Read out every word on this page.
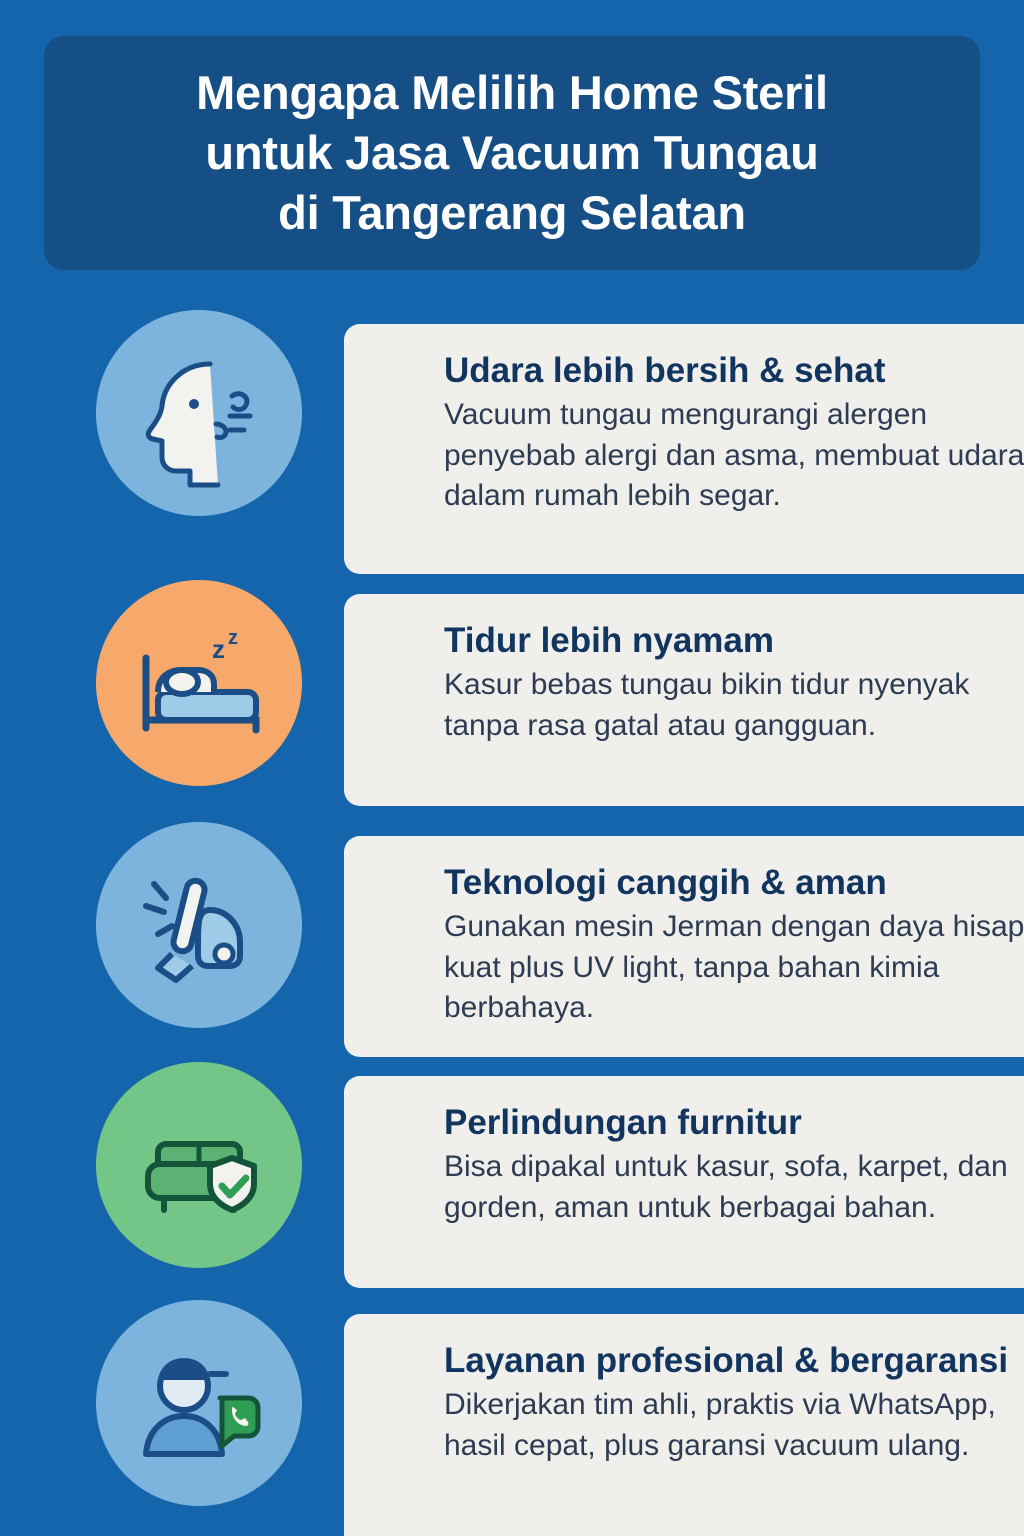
Mengapa Melilih Home Steril
untuk Jasa Vacuum Tungau
di Tangerang Selatan
Udara lebih bersih & sehat
Vacuum tungau mengurangi alergen penyebab alergi dan asma, membuat udara dalam rumah lebih segar.
Tidur lebih nyamam
Kasur bebas tungau bikin tidur nyenyak tanpa rasa gatal atau gangguan.
z z
Teknologi canggih & aman
Gunakan mesin Jerman dengan daya hisap kuat plus UV light, tanpa bahan kimia berbahaya.
Perlindungan furnitur
Bisa dipakal untuk kasur, sofa, karpet, dan gorden, aman untuk berbagai bahan.
Layanan profesional & bergaransi
Dikerjakan tim ahli, praktis via WhatsApp, hasil cepat, plus garansi vacuum ulang.
